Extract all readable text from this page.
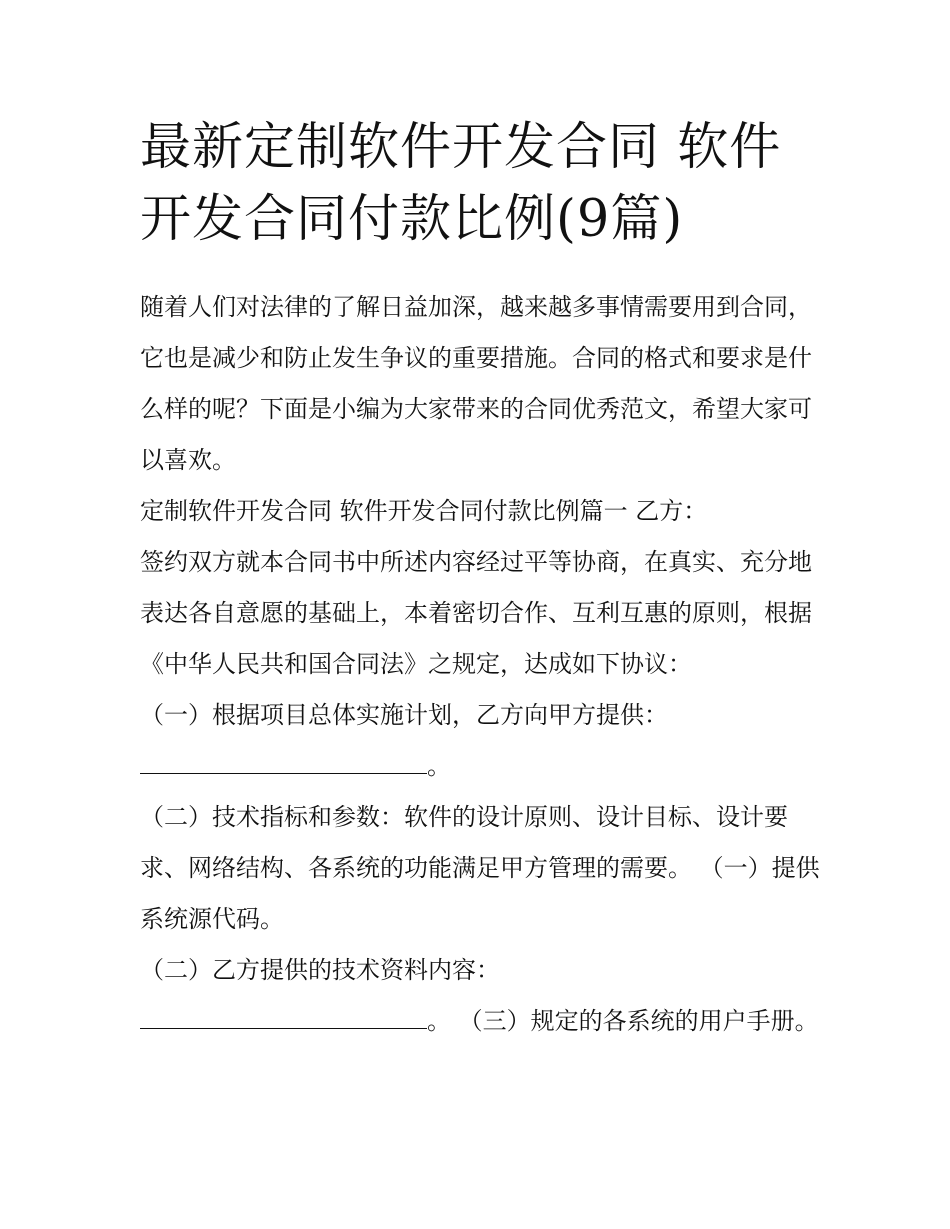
最新定制软件开发合同 软件开发合同付款比例(9篇)

随着人们对法律的了解日益加深，越来越多事情需要用到合同，它也是减少和防止发生争议的重要措施。合同的格式和要求是什么样的呢？下面是小编为大家带来的合同优秀范文，希望大家可以喜欢。

定制软件开发合同 软件开发合同付款比例篇一 乙方：

签约双方就本合同书中所述内容经过平等协商，在真实、充分地表达各自意愿的基础上，本着密切合作、互利互惠的原则，根据《中华人民共和国合同法》之规定，达成如下协议：

（一）根据项目总体实施计划，乙方向甲方提供：

。

（二）技术指标和参数：软件的设计原则、设计目标、设计要求、网络结构、各系统的功能满足甲方管理的需要。 （一）提供系统源代码。

（二）乙方提供的技术资料内容：

。 （三）规定的各系统的用户手册。
